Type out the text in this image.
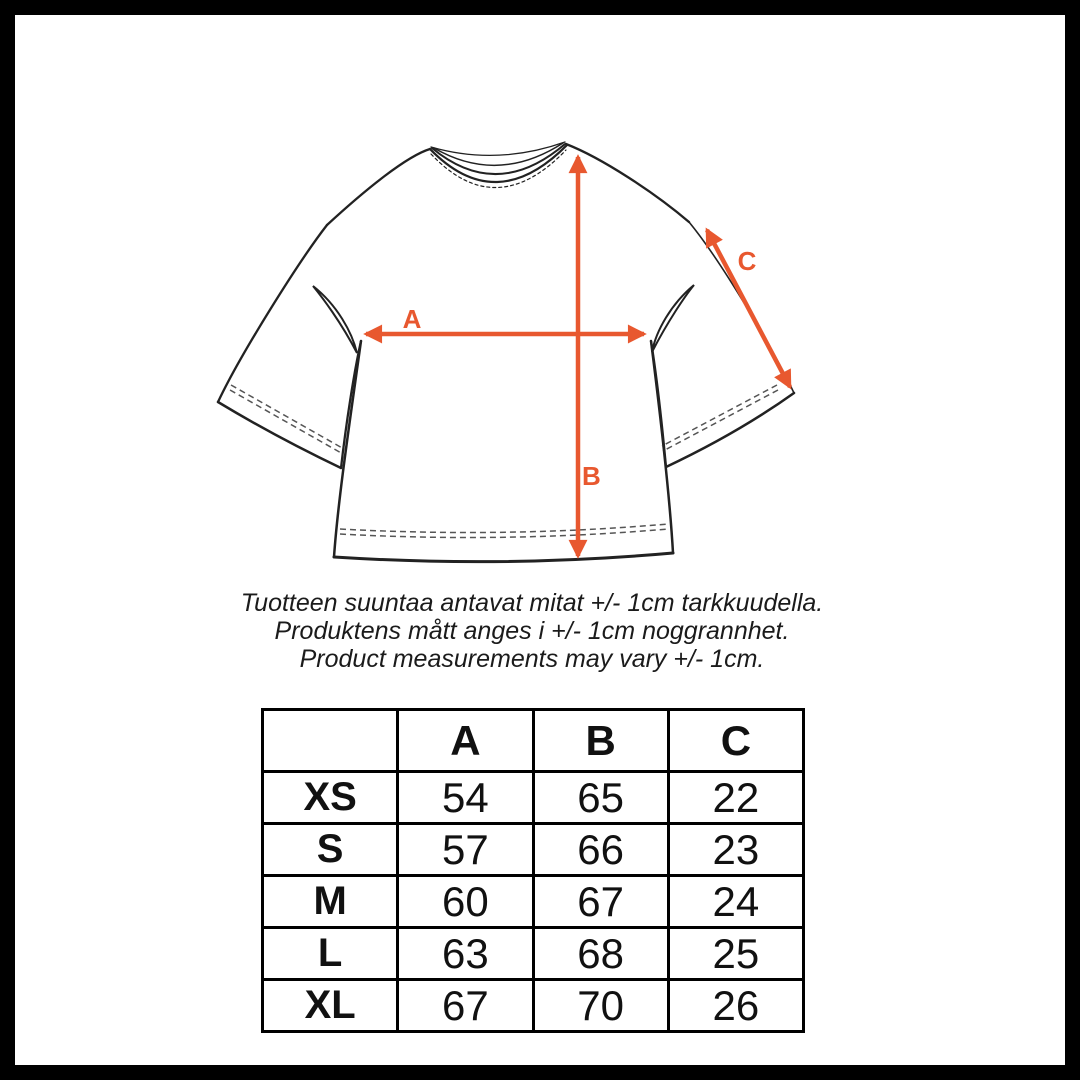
A
B
C
Tuotteen suuntaa antavat mitat +/- 1cm tarkkuudella.
Produktens mått anges i +/- 1cm noggrannhet.
Product measurements may vary +/- 1cm.
	A	B	C
XS	54	65	22
S	57	66	23
M	60	67	24
L	63	68	25
XL	67	70	26
